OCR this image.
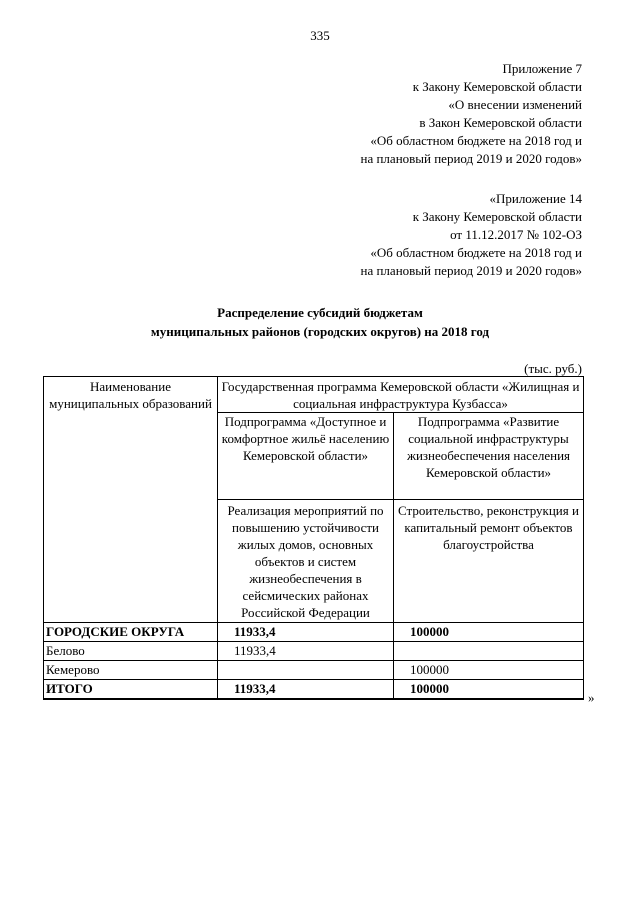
335
Приложение 7
к Закону Кемеровской области
«О внесении изменений
в Закон Кемеровской области
«Об областном бюджете на 2018 год и
на плановый период 2019 и 2020 годов»
«Приложение 14
к Закону Кемеровской области
от 11.12.2017 № 102-ОЗ
«Об областном бюджете на 2018 год и
на плановый период 2019 и 2020 годов»
Распределение субсидий бюджетам
муниципальных районов (городских округов) на 2018 год
(тыс. руб.)
Наименование муниципальных образований	Государственная программа Кемеровской области «Жилищная и социальная инфраструктура Кузбасса»	
	Подпрограмма «Доступное и комфортное жильё населению Кемеровской области»	Подпрограмма «Развитие социальной инфраструктуры жизнеобеспечения населения Кемеровской области»
	Реализация мероприятий по повышению устойчивости жилых домов, основных объектов и систем жизнеобеспечения в сейсмических районах Российской Федерации	Строительство, реконструкция и капитальный ремонт объектов благоустройства
ГОРОДСКИЕ ОКРУГА	11933,4	100000
Белово	11933,4	
Кемерово		100000
ИТОГО	11933,4	100000
»
